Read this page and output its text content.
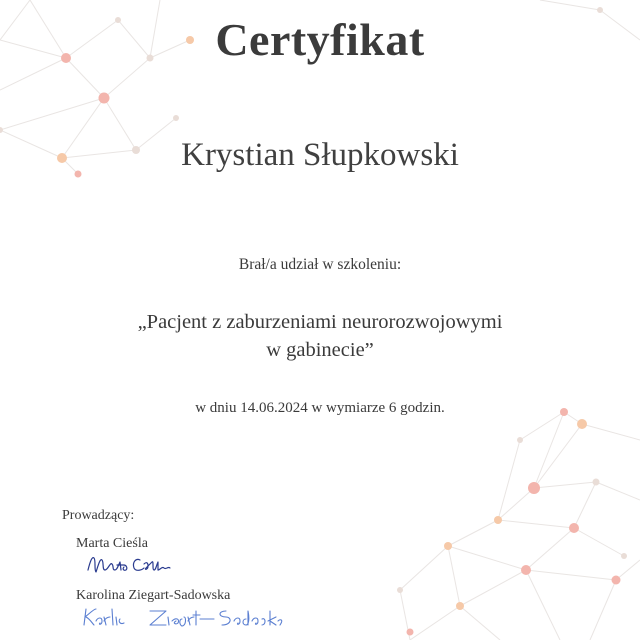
Certyfikat
Krystian Słupkowski
Brał/a udział w szkoleniu:
„Pacjent z zaburzeniami neurorozwojowymi
w gabinecie”
w dniu 14.06.2024 w wymiarze 6 godzin.
Prowadzący:
Marta Cieśla
Karolina Ziegart-Sadowska
